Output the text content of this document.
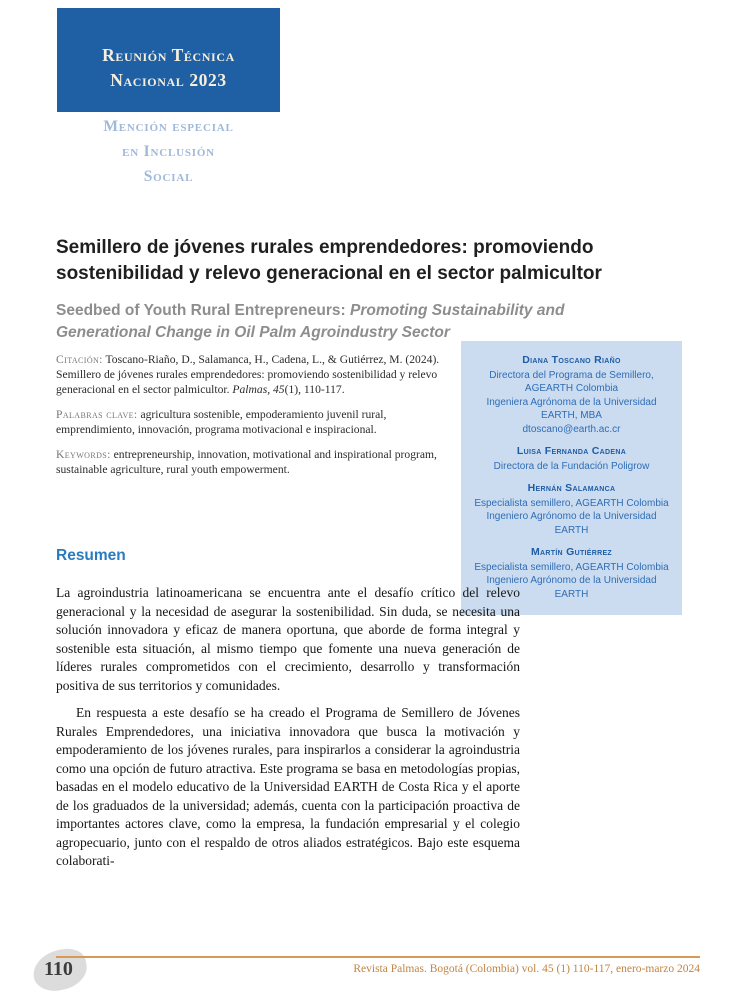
Reunión Técnica
Nacional 2023
Mención especial
en Inclusión
Social
Semillero de jóvenes rurales emprendedores: promoviendo sostenibilidad y relevo generacional en el sector palmicultor
Seedbed of Youth Rural Entrepreneurs: Promoting Sustainability and Generational Change in Oil Palm Agroindustry Sector

Citación: Toscano-Riaño, D., Salamanca, H., Cadena, L., & Gutiérrez, M. (2024). Semillero de jóvenes rurales emprendedores: promoviendo sostenibilidad y relevo generacional en el sector palmicultor. Palmas, 45(1), 110-117.

Palabras clave: agricultura sostenible, empoderamiento juvenil rural, emprendimiento, innovación, programa motivacional e inspiracional.

Keywords: entrepreneurship, innovation, motivational and inspirational program, sustainable agriculture, rural youth empowerment.

Diana Toscano Riaño
Directora del Programa de Semillero, AGEARTH Colombia
Ingeniera Agrónoma de la Universidad EARTH, MBA
dtoscano@earth.ac.cr
Luisa Fernanda Cadena
Directora de la Fundación Poligrow
Hernán Salamanca
Especialista semillero, AGEARTH Colombia
Ingeniero Agrónomo de la Universidad EARTH
Martín Gutiérrez
Especialista semillero, AGEARTH Colombia
Ingeniero Agrónomo de la Universidad EARTH
Resumen

La agroindustria latinoamericana se encuentra ante el desafío crítico del relevo generacional y la necesidad de asegurar la sostenibilidad. Sin duda, se necesita una solución innovadora y eficaz de manera oportuna, que aborde de forma integral y sostenible esta situación, al mismo tiempo que fomente una nueva generación de líderes rurales comprometidos con el crecimiento, desarrollo y transformación positiva de sus territorios y comunidades.

En respuesta a este desafío se ha creado el Programa de Semillero de Jóvenes Rurales Emprendedores, una iniciativa innovadora que busca la motivación y empoderamiento de los jóvenes rurales, para inspirarlos a considerar la agroindustria como una opción de futuro atractiva. Este programa se basa en metodologías propias, basadas en el modelo educativo de la Universidad EARTH de Costa Rica y el aporte de los graduados de la universidad; además, cuenta con la participación proactiva de importantes actores clave, como la empresa, la fundación empresarial y el colegio agropecuario, junto con el respaldo de otros aliados estratégicos. Bajo este esquema colaborati-

110	Revista Palmas. Bogotá (Colombia) vol. 45 (1) 110-117, enero-marzo 2024
